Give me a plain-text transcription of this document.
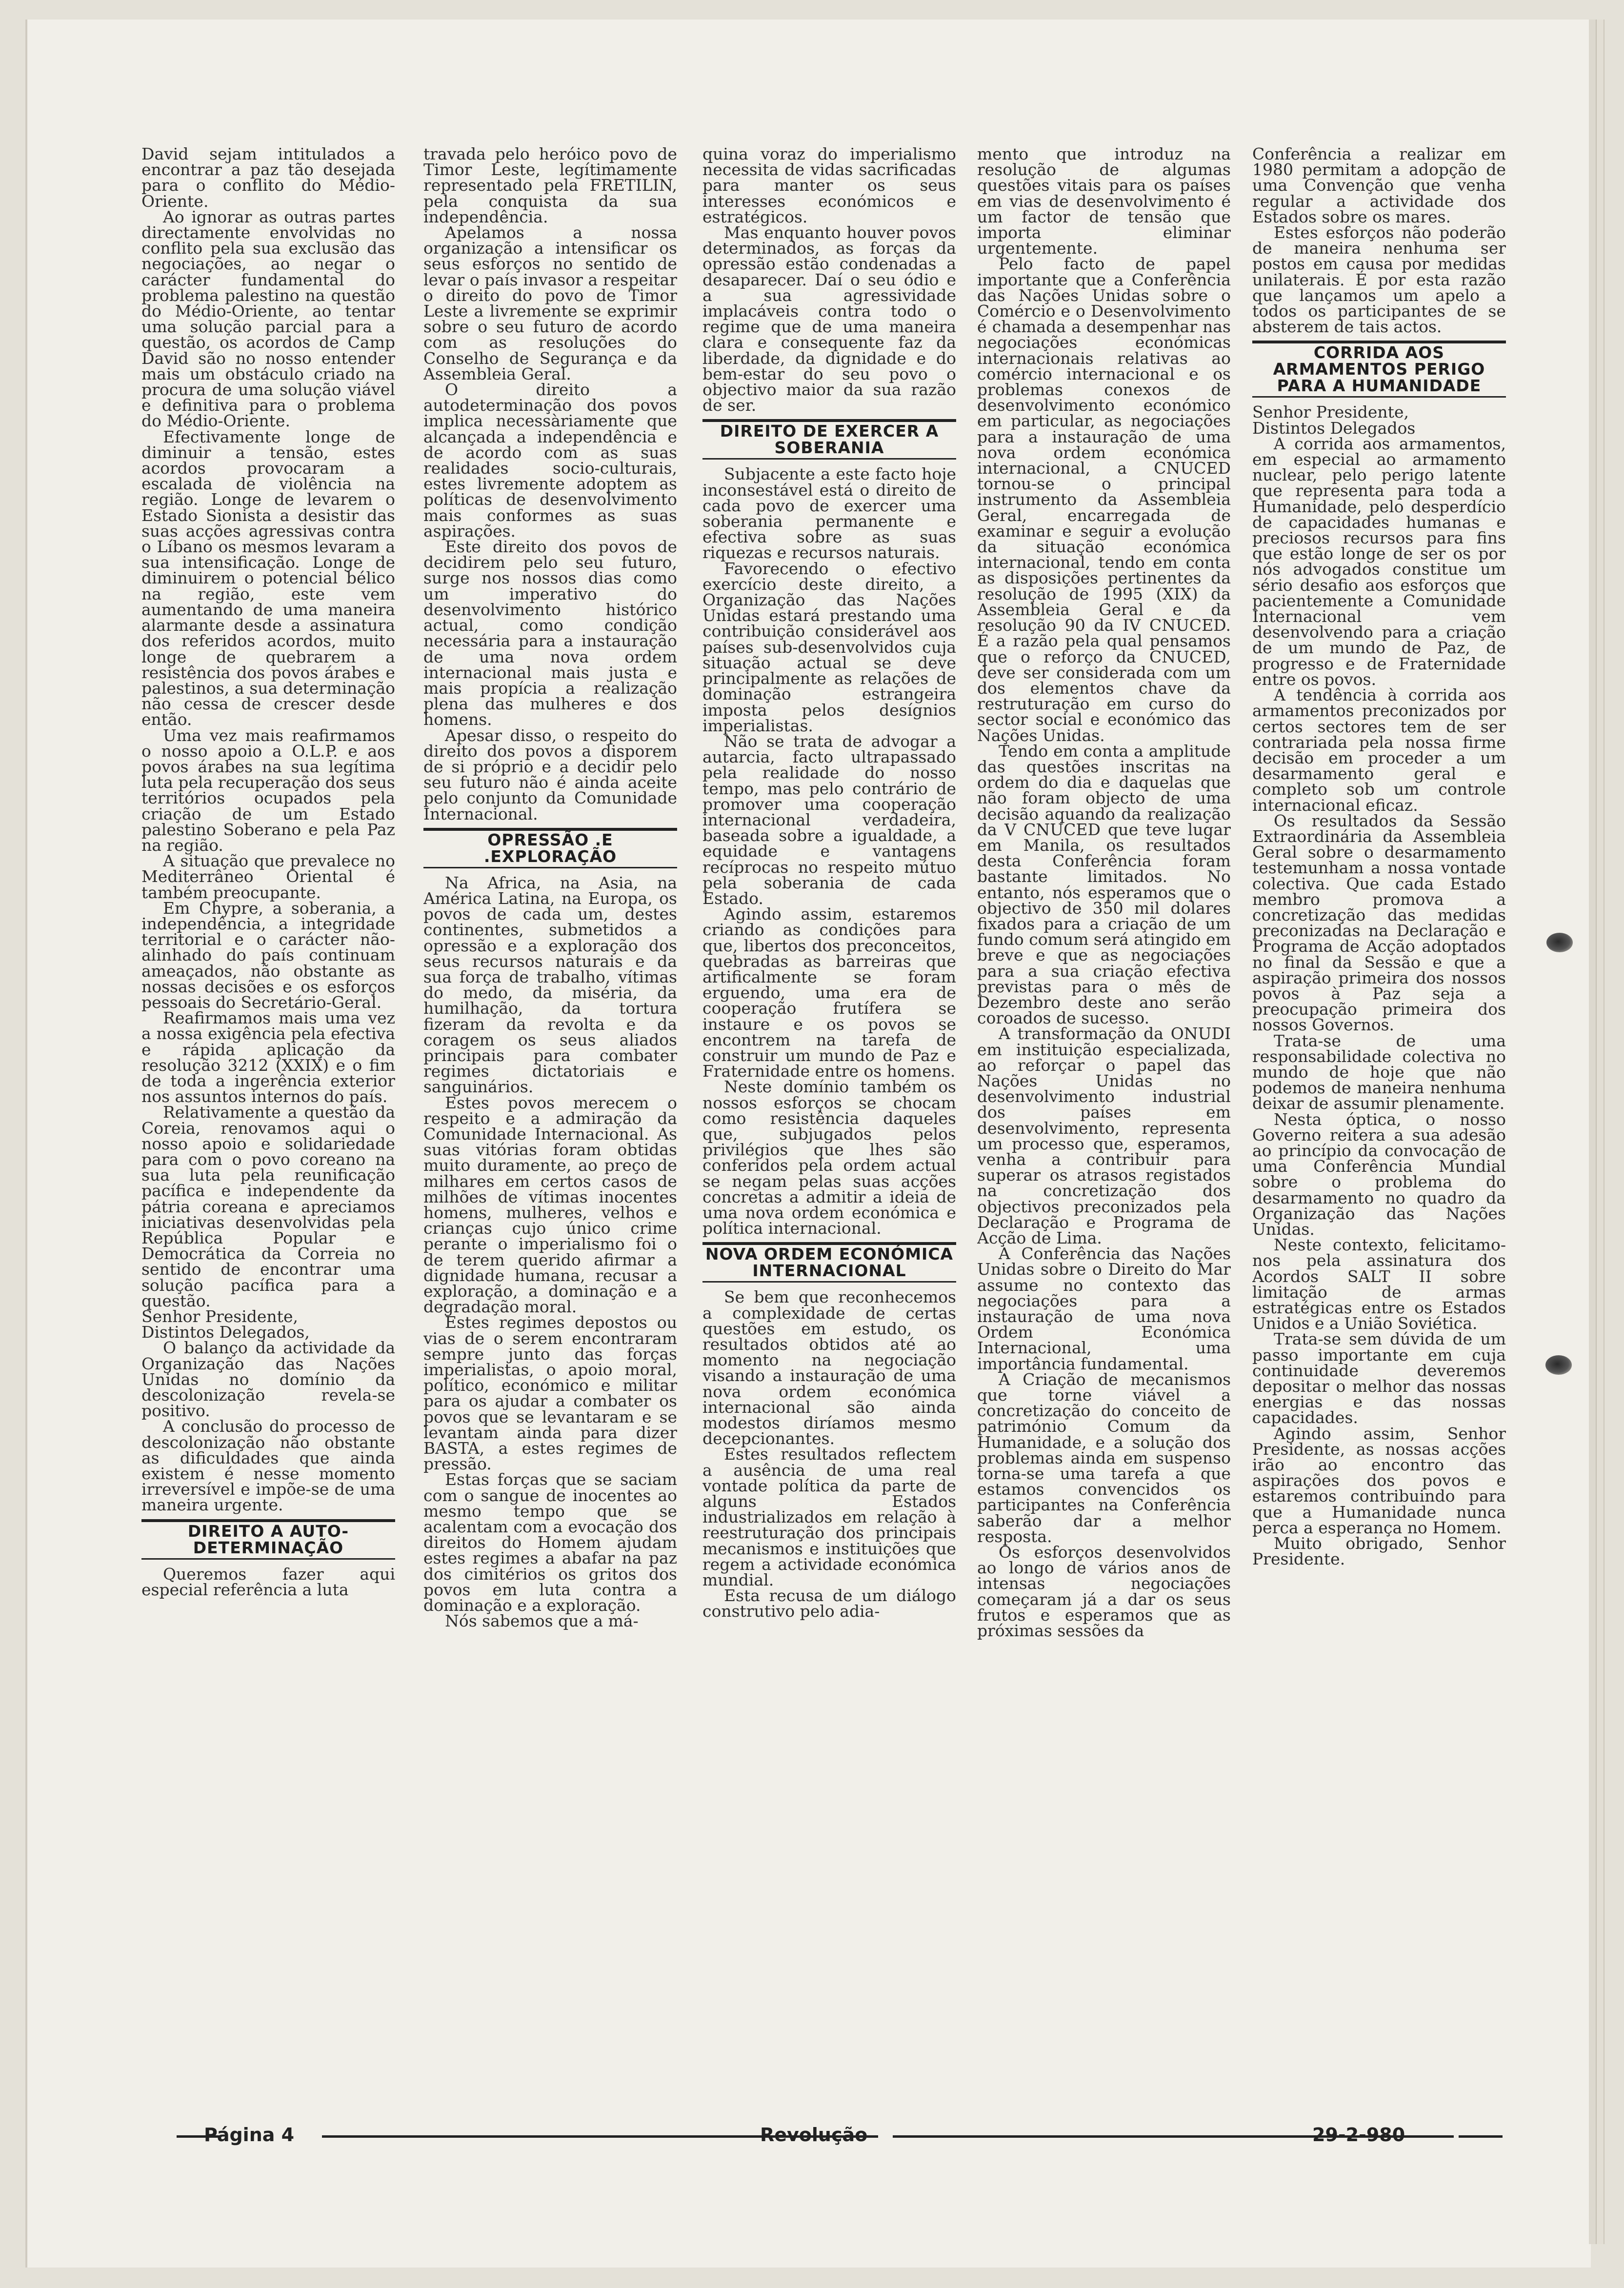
David sejam intitulados a encontrar a paz tão desejada para o conflito do Médio-Oriente.

Ao ignorar as outras partes directamente envolvidas no conflito pela sua exclusão das negociações, ao negar o carácter fundamental do problema palestino na questão do Médio-Oriente, ao tentar uma solução parcial para a questão, os acordos de Camp David são no nosso entender mais um obstáculo criado na procura de uma solução viável e definitiva para o problema do Médio-Oriente.

Efectivamente longe de diminuir a tensão, estes acordos provocaram a escalada de violência na região. Longe de levarem o Estado Sionista a desistir das suas acções agressivas contra o Líbano os mesmos levaram a sua intensificação. Longe de diminuirem o potencial bélico na região, este vem aumentando de uma maneira alarmante desde a assinatura dos referidos acordos, muito longe de quebrarem a resistência dos povos árabes e palestinos, a sua determinação não cessa de crescer desde então.

Uma vez mais reafirmamos o nosso apoio a O.L.P. e aos povos árabes na sua legítima luta pela recuperação dos seus territórios ocupados pela criação de um Estado palestino Soberano e pela Paz na região.

A situação que prevalece no Mediterrâneo Oriental é também preocupante.

Em Chypre, a soberania, a independência, a integridade territorial e o carácter não-alinhado do país continuam ameaçados, não obstante as nossas decisões e os esforços pessoais do Secretário-Geral.

Reafirmamos mais uma vez a nossa exigência pela efectiva e rápida aplicação da resolução 3212 (XXIX) e o fim de toda a ingerência exterior nos assuntos internos do país.

Relativamente a questão da Coreia, renovamos aqui o nosso apoio e solidariedade para com o povo coreano na sua luta pela reunificação pacífica e independente da pátria coreana e apreciamos iniciativas desenvolvidas pela República Popular e Democrática da Correia no sentido de encontrar uma solução pacífica para a questão.

Senhor Presidente,

Distintos Delegados,

O balanço da actividade da Organização das Nações Unidas no domínio da descolonização revela-se positivo.

A conclusão do processo de descolonização não obstante as dificuldades que ainda existem é nesse momento irreversível e impõe-se de uma maneira urgente.

DIREITO A AUTO-DETERMINAÇÃO

Queremos fazer aqui especial referência a luta

travada pelo heróico povo de Timor Leste, legítimamente representado pela FRETILIN, pela conquista da sua independência.

Apelamos a nossa organização a intensificar os seus esforços no sentido de levar o país invasor a respeitar o direito do povo de Timor Leste a livremente se exprimir sobre o seu futuro de acordo com as resoluções do Conselho de Segurança e da Assembleia Geral.

O direito a autodeterminação dos povos implica necessàriamente que alcançada a independência e de acordo com as suas realidades socio-culturais, estes livremente adoptem as políticas de desenvolvimento mais conformes as suas aspirações.

Este direito dos povos de decidirem pelo seu futuro, surge nos nossos dias como um imperativo do desenvolvimento histórico actual, como condição necessária para a instauração de uma nova ordem internacional mais justa e mais propícia a realização plena das mulheres e dos homens.

Apesar disso, o respeito do direito dos povos a disporem de si próprio e a decidir pelo seu futuro não é ainda aceite pelo conjunto da Comunidade Internacional.

OPRESSÃO .E .EXPLORAÇÃO

Na Africa, na Asia, na América Latina, na Europa, os povos de cada um, destes continentes, submetidos a opressão e a exploração dos seus recursos naturais e da sua força de trabalho, vítimas do medo, da miséria, da humilhação, da tortura fizeram da revolta e da coragem os seus aliados principais para combater regimes dictatoriais e sanguinários.

Estes povos merecem o respeito e a admiração da Comunidade Internacional. As suas vitórias foram obtidas muito duramente, ao preço de milhares em certos casos de milhões de vítimas inocentes homens, mulheres, velhos e crianças cujo único crime perante o imperialismo foi o de terem querido afirmar a dignidade humana, recusar a exploração, a dominação e a degradação moral.

Estes regimes depostos ou vias de o serem encontraram sempre junto das forças imperialistas, o apoio moral, político, económico e militar para os ajudar a combater os povos que se levantaram e se levantam ainda para dizer BASTA, a estes regimes de pressão.

Estas forças que se saciam com o sangue de inocentes ao mesmo tempo que se acalentam com a evocação dos direitos do Homem ajudam estes regimes a abafar na paz dos cimitérios os gritos dos povos em luta contra a dominação e a exploração.

Nós sabemos que a má-

quina voraz do imperialismo necessita de vidas sacrificadas para manter os seus interesses económicos e estratégicos.

Mas enquanto houver povos determinados, as forças da opressão estão condenadas a desaparecer. Daí o seu ódio e a sua agressividade implacáveis contra todo o regime que de uma maneira clara e consequente faz da liberdade, da dignidade e do bem-estar do seu povo o objectivo maior da sua razão de ser.

DIREITO DE EXERCER A SOBERANIA

Subjacente a este facto hoje inconsestável está o direito de cada povo de exercer uma soberania permanente e efectiva sobre as suas riquezas e recursos naturais.

Favorecendo o efectivo exercício deste direito, a Organização das Nações Unidas estará prestando uma contribuição considerável aos países sub-desenvolvidos cuja situação actual se deve principalmente as relações de dominação estrangeira imposta pelos desígnios imperialistas.

Não se trata de advogar a autarcia, facto ultrapassado pela realidade do nosso tempo, mas pelo contrário de promover uma cooperação internacional verdadeira, baseada sobre a igualdade, a equidade e vantagens recíprocas no respeito mútuo pela soberania de cada Estado.

Agindo assim, estaremos criando as condições para que, libertos dos preconceitos, quebradas as barreiras que artificalmente se foram erguendo, uma era de cooperação frutífera se instaure e os povos se encontrem na tarefa de construir um mundo de Paz e Fraternidade entre os homens.

Neste domínio também os nossos esforços se chocam como resistência daqueles que, subjugados pelos privilégios que lhes são conferidos pela ordem actual se negam pelas suas acções concretas a admitir a ideia de uma nova ordem económica e política internacional.

NOVA ORDEM ECONÓMICA INTERNACIONAL

Se bem que reconhecemos a complexidade de certas questões em estudo, os resultados obtidos até ao momento na negociação visando a instauração de uma nova ordem económica internacional são ainda modestos diríamos mesmo decepcionantes.

Estes resultados reflectem a ausência de uma real vontade política da parte de alguns Estados industrializados em relação à reestruturação dos principais mecanismos e instituições que regem a actividade económica mundial.

Esta recusa de um diálogo construtivo pelo adia-

mento que introduz na resolução de algumas questões vitais para os países em vias de desenvolvimento é um factor de tensão que importa eliminar urgentemente.

Pelo facto de papel importante que a Conferência das Nações Unidas sobre o Comércio e o Desenvolvimento é chamada a desempenhar nas negociações económicas internacionais relativas ao comércio internacional e os problemas conexos de desenvolvimento económico em particular, as negociações para a instauração de uma nova ordem económica internacional, a CNUCED tornou-se o principal instrumento da Assembleia Geral, encarregada de examinar e seguir a evolução da situação económica internacional, tendo em conta as disposições pertinentes da resolução de 1995 (XIX) da Assembleia Geral e da resolução 90 da IV CNUCED. É a razão pela qual pensamos que o reforço da CNUCED, deve ser considerada com um dos elementos chave da restruturação em curso do sector social e económico das Nações Unidas.

Tendo em conta a amplitude das questões inscritas na ordem do dia e daquelas que não foram objecto de uma decisão aquando da realização da V CNUCED que teve lugar em Manila, os resultados desta Conferência foram bastante limitados. No entanto, nós esperamos que o objectivo de 350 mil dolares fixados para a criação de um fundo comum será atingido em breve e que as negociações para a sua criação efectiva previstas para o mês de Dezembro deste ano serão coroados de sucesso.

A transformação da ONUDI em instituição especializada, ao reforçar o papel das Nações Unidas no desenvolvimento industrial dos países em desenvolvimento, representa um processo que, esperamos, venha a contribuir para superar os atrasos registados na concretização dos objectivos preconizados pela Declaração e Programa de Acção de Lima.

A Conferência das Nações Unidas sobre o Direito do Mar assume no contexto das negociações para a instauração de uma nova Ordem Económica Internacional, uma importância fundamental.

A Criação de mecanismos que torne viável a concretização do conceito de património Comum da Humanidade, e a solução dos problemas ainda em suspenso torna-se uma tarefa a que estamos convencidos os participantes na Conferência saberão dar a melhor resposta.

Os esforços desenvolvidos ao longo de vários anos de intensas negociações começaram já a dar os seus frutos e esperamos que as próximas sessões da

Conferência a realizar em 1980 permitam a adopção de uma Convenção que venha regular a actividade dos Estados sobre os mares.

Estes esforços não poderão de maneira nenhuma ser postos em causa por medidas unilaterais. É por esta razão que lançamos um apelo a todos os participantes de se absterem de tais actos.

CORRIDA AOS ARMAMENTOS PERIGO PARA A HUMANIDADE

Senhor Presidente,

Distintos Delegados

A corrida aos armamentos, em especial ao armamento nuclear, pelo perigo latente que representa para toda a Humanidade, pelo desperdício de capacidades humanas e preciosos recursos para fins que estão longe de ser os por nós advogados constitue um sério desafio aos esforços que pacientemente a Comunidade Internacional vem desenvolvendo para a criação de um mundo de Paz, de progresso e de Fraternidade entre os povos.

A tendência à corrida aos armamentos preconizados por certos sectores tem de ser contrariada pela nossa firme decisão em proceder a um desarmamento geral e completo sob um controle internacional eficaz.

Os resultados da Sessão Extraordinária da Assembleia Geral sobre o desarmamento testemunham a nossa vontade colectiva. Que cada Estado membro promova a concretização das medidas preconizadas na Declaração e Programa de Acção adoptados no final da Sessão e que a aspiração primeira dos nossos povos à Paz seja a preocupação primeira dos nossos Governos.

Trata-se de uma responsabilidade colectiva no mundo de hoje que não podemos de maneira nenhuma deixar de assumir plenamente.

Nesta óptica, o nosso Governo reitera a sua adesão ao princípio da convocação de uma Conferência Mundial sobre o problema do desarmamento no quadro da Organização das Nações Unidas.

Neste contexto, felicitamo-nos pela assinatura dos Acordos SALT II sobre limitação de armas estratégicas entre os Estados Unidos e a União Soviética.

Trata-se sem dúvida de um passo importante em cuja continuidade deveremos depositar o melhor das nossas energias e das nossas capacidades.

Agindo assim, Senhor Presidente, as nossas acções irão ao encontro das aspirações dos povos e estaremos contribuindo para que a Humanidade nunca perca a esperança no Homem.

Muito obrigado, Senhor Presidente.

Página 4	Revolução	29-2-980
